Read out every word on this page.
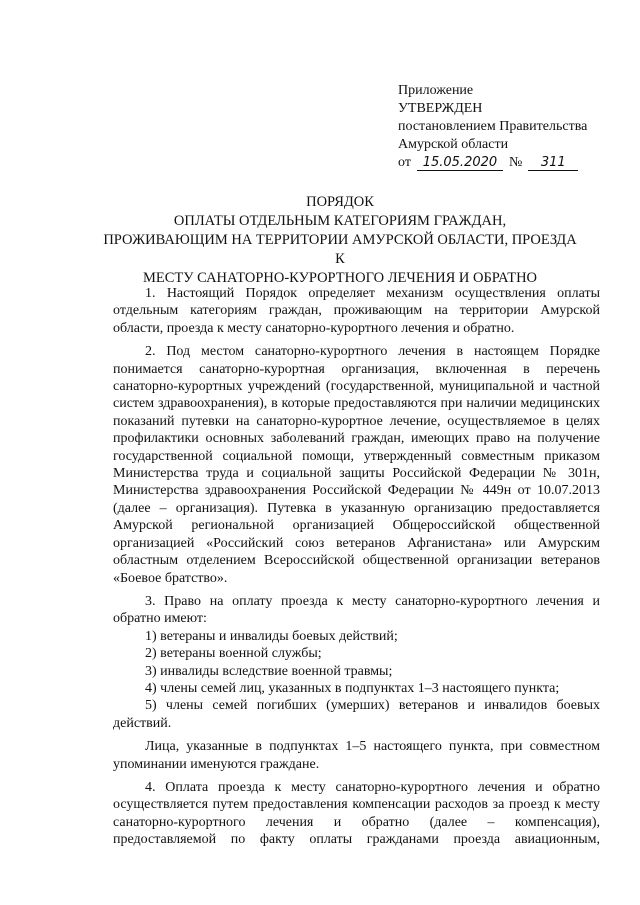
Приложение
УТВЕРЖДЕН
постановлением Правительства
Амурской области
от 15.05.2020 № 311
ПОРЯДОК
ОПЛАТЫ ОТДЕЛЬНЫМ КАТЕГОРИЯМ ГРАЖДАН,
ПРОЖИВАЮЩИМ НА ТЕРРИТОРИИ АМУРСКОЙ ОБЛАСТИ, ПРОЕЗДА К
МЕСТУ САНАТОРНО-КУРОРТНОГО ЛЕЧЕНИЯ И ОБРАТНО

1. Настоящий Порядок определяет механизм осуществления оплаты отдельным категориям граждан, проживающим на территории Амурской области, проезда к месту санаторно-курортного лечения и обратно.

2. Под местом санаторно-курортного лечения в настоящем Порядке понимается санаторно-курортная организация, включенная в перечень санаторно-курортных учреждений (государственной, муниципальной и частной систем здравоохранения), в которые предоставляются при наличии медицинских показаний путевки на санаторно-курортное лечение, осуществляемое в целях профилактики основных заболеваний граждан, имеющих право на получение государственной социальной помощи, утвержденный совместным приказом Министерства труда и социальной защиты Российской Федерации № 301н, Министерства здравоохранения Российской Федерации № 449н от 10.07.2013 (далее – организация). Путевка в указанную организацию предоставляется Амурской региональной организацией Общероссийской общественной организацией «Российский союз ветеранов Афганистана» или Амурским областным отделением Всероссийской общественной организации ветеранов «Боевое братство».

3. Право на оплату проезда к месту санаторно-курортного лечения и обратно имеют:

1) ветераны и инвалиды боевых действий;

2) ветераны военной службы;

3) инвалиды вследствие военной травмы;

4) члены семей лиц, указанных в подпунктах 1–3 настоящего пункта;

5) члены семей погибших (умерших) ветеранов и инвалидов боевых действий.

Лица, указанные в подпунктах 1–5 настоящего пункта, при совместном упоминании именуются граждане.

4. Оплата проезда к месту санаторно-курортного лечения и обратно осуществляется путем предоставления компенсации расходов за проезд к месту санаторно-курортного лечения и обратно (далее – компенсация), предоставляемой по факту оплаты гражданами проезда авиационным,
